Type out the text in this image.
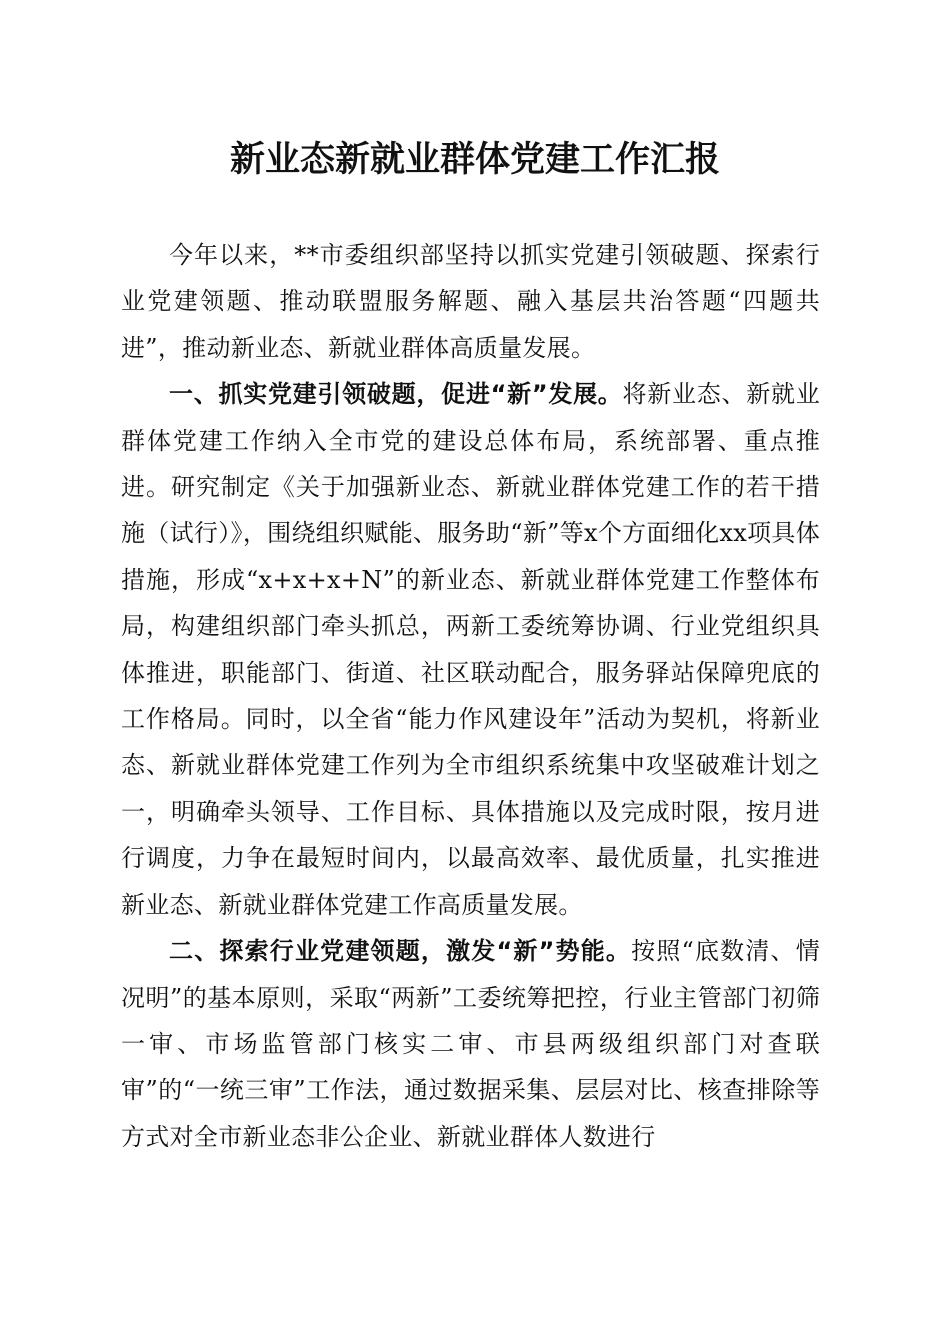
新业态新就业群体党建工作汇报

今年以来，**市委组织部坚持以抓实党建引领破题、探索行业党建领题、推动联盟服务解题、融入基层共治答题“四题共进”，推动新业态、新就业群体高质量发展。

一、抓实党建引领破题，促进“新”发展。将新业态、新就业群体党建工作纳入全市党的建设总体布局，系统部署、重点推进。研究制定《关于加强新业态、新就业群体党建工作的若干措施（试行）》，围绕组织赋能、服务助“新”等x个方面细化xx项具体措施，形成“x+x+x+N”的新业态、新就业群体党建工作整体布局，构建组织部门牵头抓总，两新工委统筹协调、行业党组织具体推进，职能部门、街道、社区联动配合，服务驿站保障兜底的工作格局。同时，以全省“能力作风建设年”活动为契机，将新业态、新就业群体党建工作列为全市组织系统集中攻坚破难计划之一，明确牵头领导、工作目标、具体措施以及完成时限，按月进行调度，力争在最短时间内，以最高效率、最优质量，扎实推进新业态、新就业群体党建工作高质量发展。

二、探索行业党建领题，激发“新”势能。按照“底数清、情况明”的基本原则，采取“两新”工委统筹把控，行业主管部门初筛一审、市场监管部门核实二审、市县两级组织部门对查联审”的“一统三审”工作法，通过数据采集、层层对比、核查排除等方式对全市新业态非公企业、新就业群体人数进行
